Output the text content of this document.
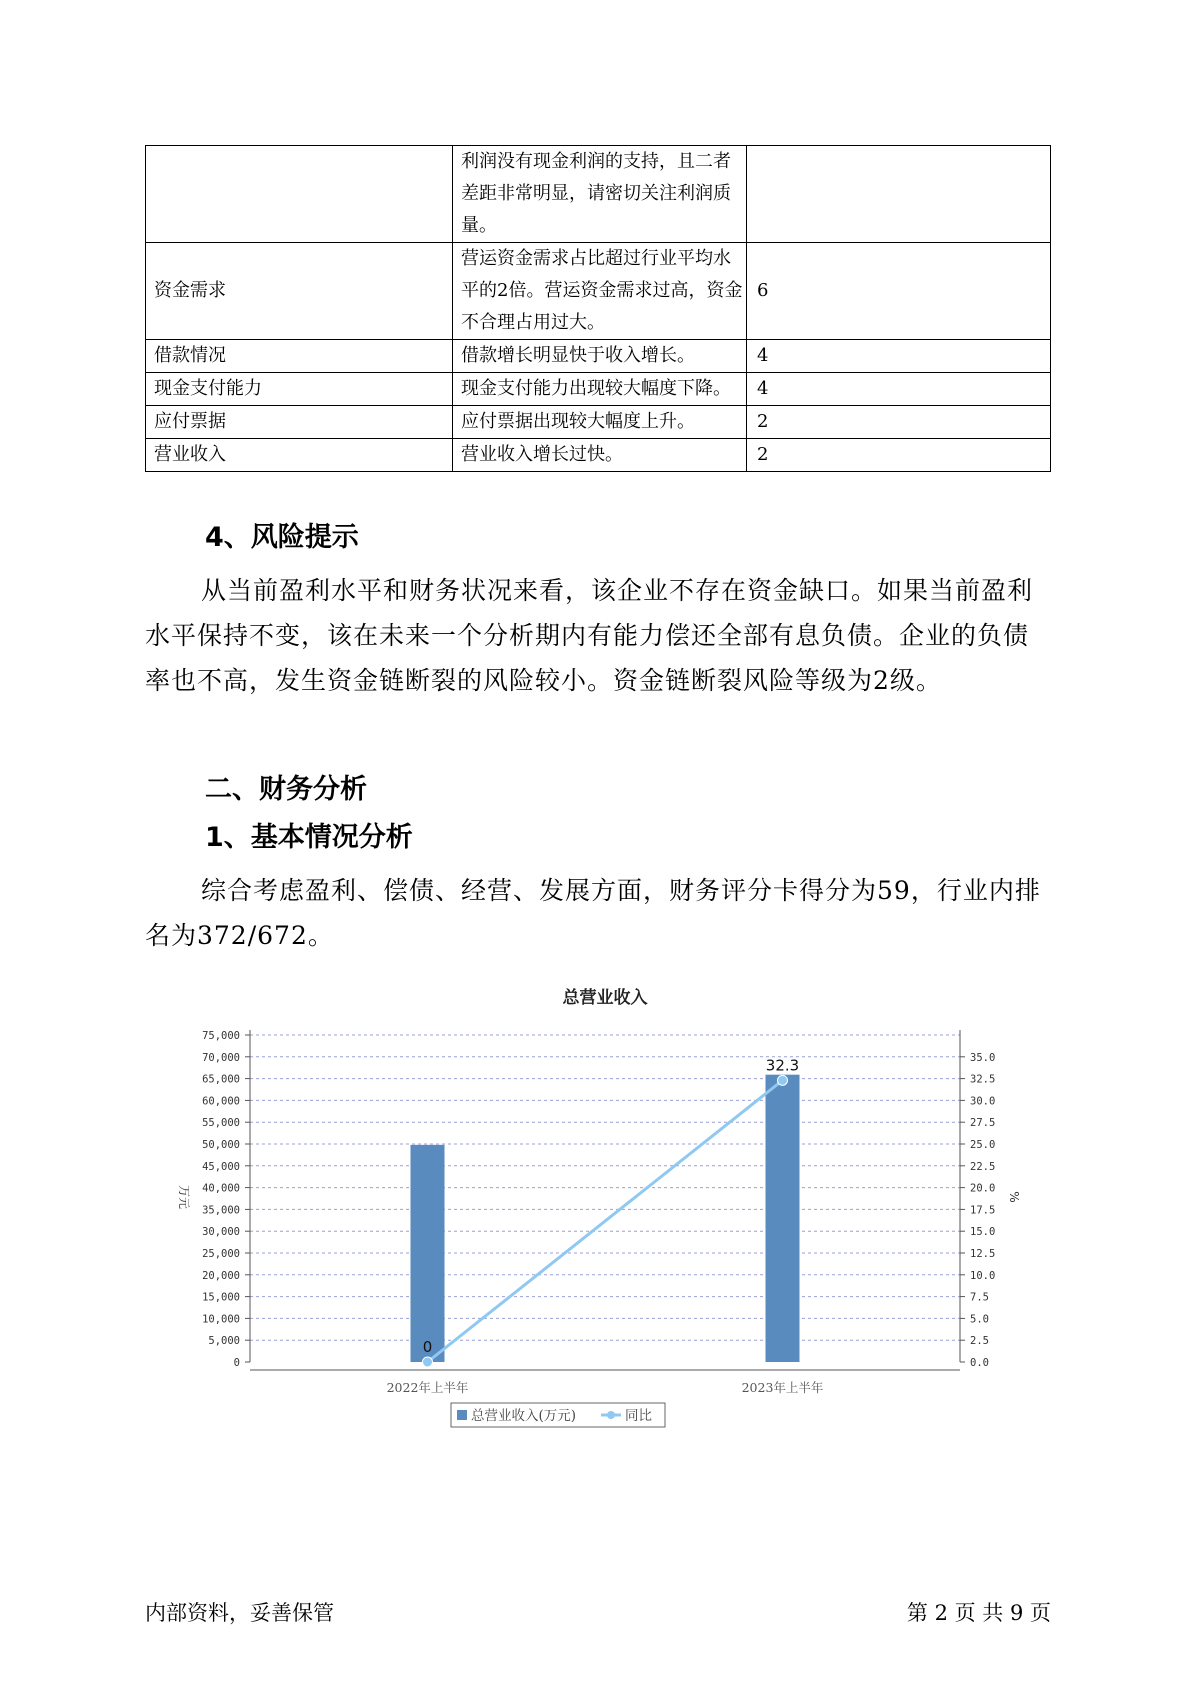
	利润没有现金利润的支持，且二者差距非常明显，请密切关注利润质量。	
资金需求	营运资金需求占比超过行业平均水平的2倍。营运资金需求过高，资金不合理占用过大。	6
借款情况	借款增长明显快于收入增长。	4
现金支付能力	现金支付能力出现较大幅度下降。	4
应付票据	应付票据出现较大幅度上升。	2
营业收入	营业收入增长过快。	2
4、风险提示

从当前盈利水平和财务状况来看，该企业不存在资金缺口。如果当前盈利水平保持不变，该在未来一个分析期内有能力偿还全部有息负债。企业的负债率也不高，发生资金链断裂的风险较小。资金链断裂风险等级为2级。

二、财务分析
1、基本情况分析

综合考虑盈利、偿债、经营、发展方面，财务评分卡得分为59，行业内排名为372/672。

总营业收入
0
5,000
10,000
15,000
20,000
25,000
30,000
35,000
40,000
45,000
50,000
55,000
60,000
65,000
70,000
75,000
0.0
2.5
5.0
7.5
10.0
12.5
15.0
17.5
20.0
22.5
25.0
27.5
30.0
32.5
35.0
万元	%
2022年上半年	2023年上半年
0
32.3
总营业收入(万元)	同比
内部资料，妥善保管	第 2 页 共 9 页
